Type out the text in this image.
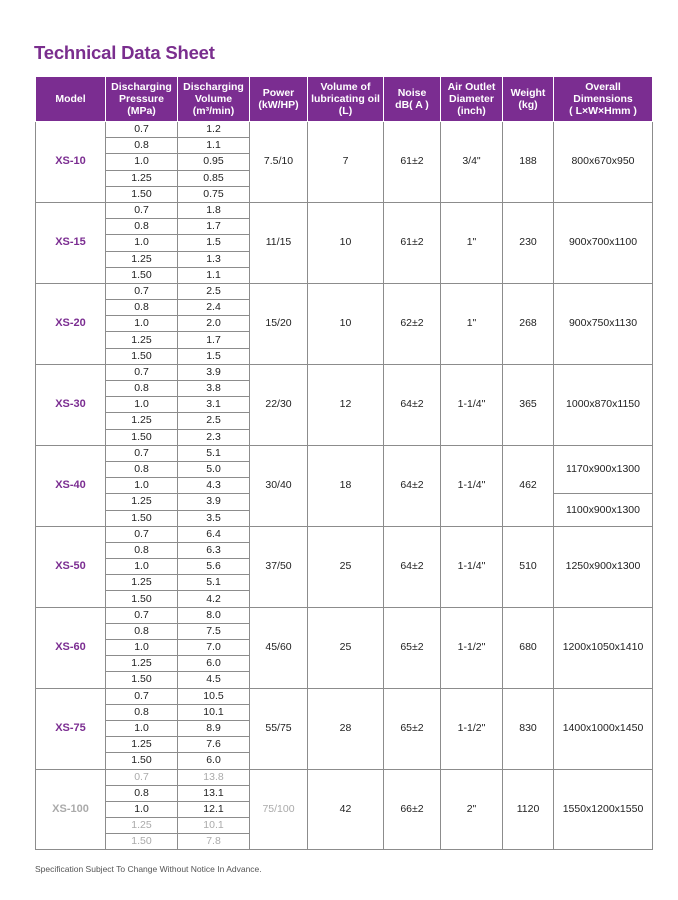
Technical Data Sheet
Model	Discharging
Pressure
(MPa)	Discharging
Volume
(m³/min)	Power
(kW/HP)	Volume of
lubricating oil
(L)	Noise
dB( A )	Air Outlet
Diameter
(inch)	Weight
(kg)	Overall
Dimensions
( L×W×Hmm )
XS-10	0.7	1.2	7.5/10	7	61±2	3/4"	188	800x670x950
	0.8	1.1						
	1.0	0.95						
	1.25	0.85						
	1.50	0.75						
XS-15	0.7	1.8	11/15	10	61±2	1"	230	900x700x1100
	0.8	1.7						
	1.0	1.5						
	1.25	1.3						
	1.50	1.1						
XS-20	0.7	2.5	15/20	10	62±2	1"	268	900x750x1130
	0.8	2.4						
	1.0	2.0						
	1.25	1.7						
	1.50	1.5						
XS-30	0.7	3.9	22/30	12	64±2	1-1/4"	365	1000x870x1150
	0.8	3.8						
	1.0	3.1						
	1.25	2.5						
	1.50	2.3						
XS-40	0.7	5.1	30/40	18	64±2	1-1/4"	462	1170x900x1300
	0.8	5.0						
	1.0	4.3						
	1.25	3.9						1100x900x1300
	1.50	3.5						
XS-50	0.7	6.4	37/50	25	64±2	1-1/4"	510	1250x900x1300
	0.8	6.3						
	1.0	5.6						
	1.25	5.1						
	1.50	4.2						
XS-60	0.7	8.0	45/60	25	65±2	1-1/2"	680	1200x1050x1410
	0.8	7.5						
	1.0	7.0						
	1.25	6.0						
	1.50	4.5						
XS-75	0.7	10.5	55/75	28	65±2	1-1/2"	830	1400x1000x1450
	0.8	10.1						
	1.0	8.9						
	1.25	7.6						
	1.50	6.0						
XS-100	0.7	13.8	75/100	42	66±2	2"	1120	1550x1200x1550
	0.8	13.1						
	1.0	12.1						
	1.25	10.1						
	1.50	7.8						
Specification Subject To Change Without Notice In Advance.
